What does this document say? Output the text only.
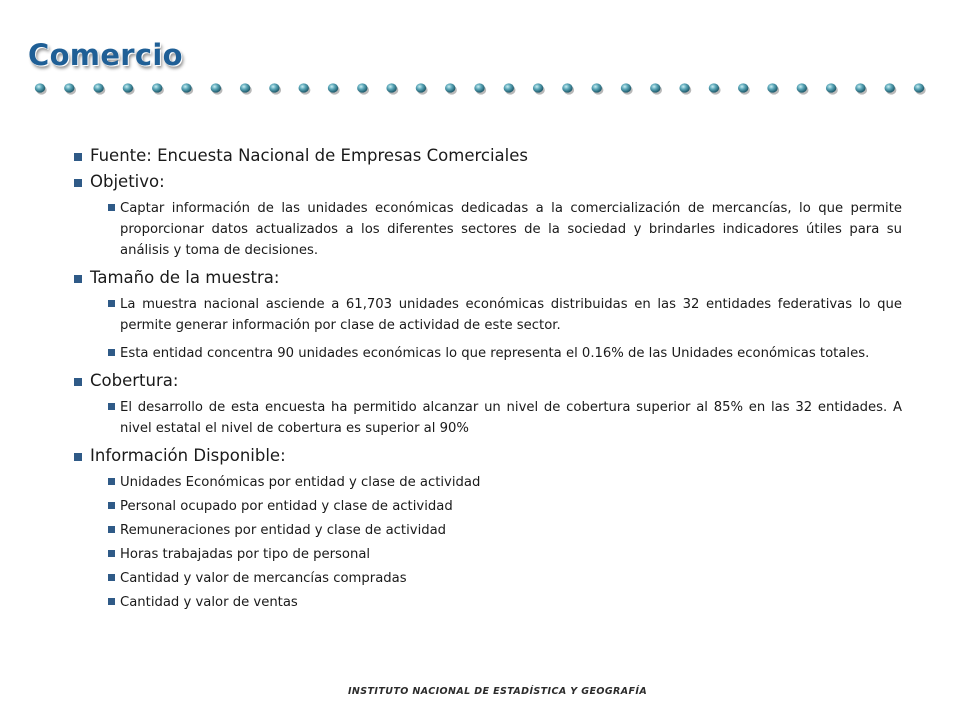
Comercio
Fuente: Encuesta Nacional de Empresas Comerciales
Objetivo:
Captar información de las unidades económicas dedicadas a la comercialización de mercancías, lo que permite proporcionar datos actualizados a los diferentes sectores de la sociedad y brindarles indicadores útiles para su análisis y toma de decisiones.
Tamaño de la muestra:
La muestra nacional asciende a 61,703 unidades económicas distribuidas en las 32 entidades federativas lo que permite generar información por clase de actividad de este sector.
Esta entidad concentra 90 unidades económicas lo que representa el 0.16% de las Unidades económicas totales.
Cobertura:
El desarrollo de esta encuesta ha permitido alcanzar un nivel de cobertura superior al 85% en las 32 entidades. A nivel estatal el nivel de cobertura es superior al 90%
Información Disponible:
Unidades Económicas por entidad y clase de actividad
Personal ocupado por entidad y clase de actividad
Remuneraciones por entidad y clase de actividad
Horas trabajadas por tipo de personal
Cantidad y valor de mercancías compradas
Cantidad y valor de ventas
INSTITUTO NACIONAL DE ESTADÍSTICA Y GEOGRAFÍA
